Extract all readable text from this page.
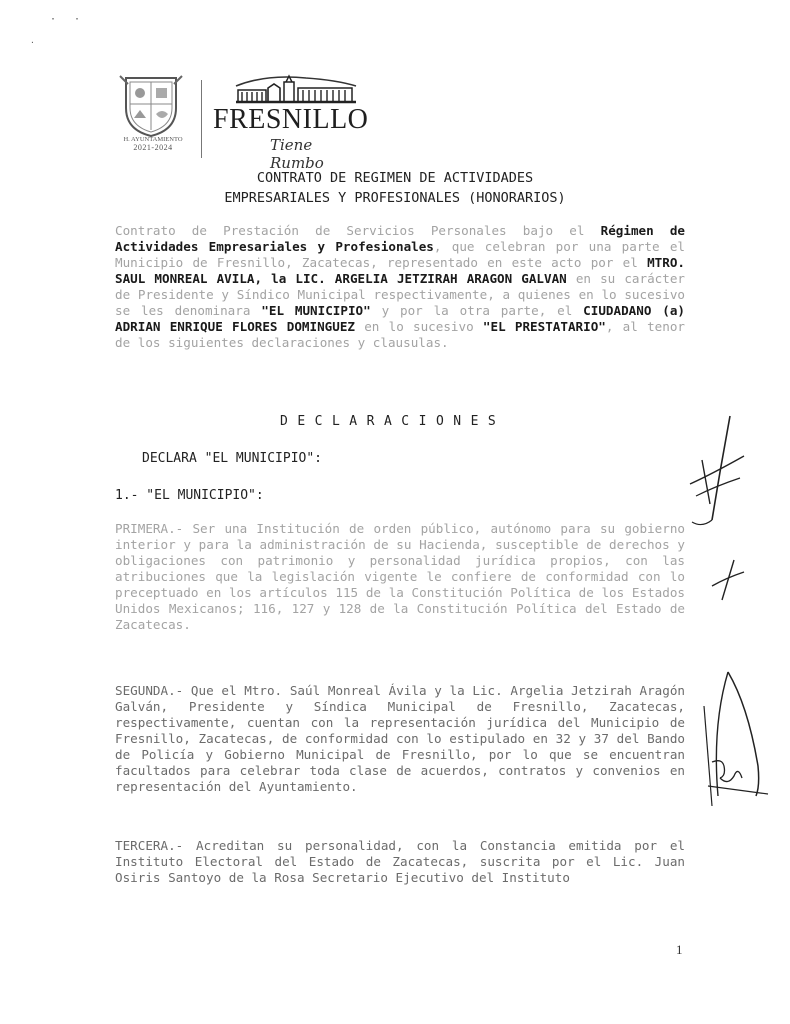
· ·
·
H. AYUNTAMIENTO
2021-2024
FRESNILLO
Tiene Rumbo
CONTRATO DE REGIMEN DE ACTIVIDADES
EMPRESARIALES Y PROFESIONALES (HONORARIOS)
Contrato de Prestación de Servicios Personales bajo el Régimen de Actividades Empresariales y Profesionales, que celebran por una parte el Municipio de Fresnillo, Zacatecas, representado en este acto por el MTRO. SAUL MONREAL AVILA, la LIC. ARGELIA JETZIRAH ARAGON GALVAN en su carácter de Presidente y Síndico Municipal respectivamente, a quienes en lo sucesivo se les denominara "EL MUNICIPIO" y por la otra parte, el CIUDADANO (a) ADRIAN ENRIQUE FLORES DOMINGUEZ en lo sucesivo "EL PRESTATARIO", al tenor de los siguientes declaraciones y clausulas.
DECLARACIONES
DECLARA "EL MUNICIPIO":
1.- "EL MUNICIPIO":
PRIMERA.- Ser una Institución de orden público, autónomo para su gobierno interior y para la administración de su Hacienda, susceptible de derechos y obligaciones con patrimonio y personalidad jurídica propios, con las atribuciones que la legislación vigente le confiere de conformidad con lo preceptuado en los artículos 115 de la Constitución Política de los Estados Unidos Mexicanos; 116, 127 y 128 de la Constitución Política del Estado de Zacatecas.
SEGUNDA.- Que el Mtro. Saúl Monreal Ávila y la Lic. Argelia Jetzirah Aragón Galván, Presidente y Síndica Municipal de Fresnillo, Zacatecas, respectivamente, cuentan con la representación jurídica del Municipio de Fresnillo, Zacatecas, de conformidad con lo estipulado en 32 y 37 del Bando de Policía y Gobierno Municipal de Fresnillo, por lo que se encuentran facultados para celebrar toda clase de acuerdos, contratos y convenios en representación del Ayuntamiento.
TERCERA.- Acreditan su personalidad, con la Constancia emitida por el Instituto Electoral del Estado de Zacatecas, suscrita por el Lic. Juan Osiris Santoyo de la Rosa Secretario Ejecutivo del Instituto
1
